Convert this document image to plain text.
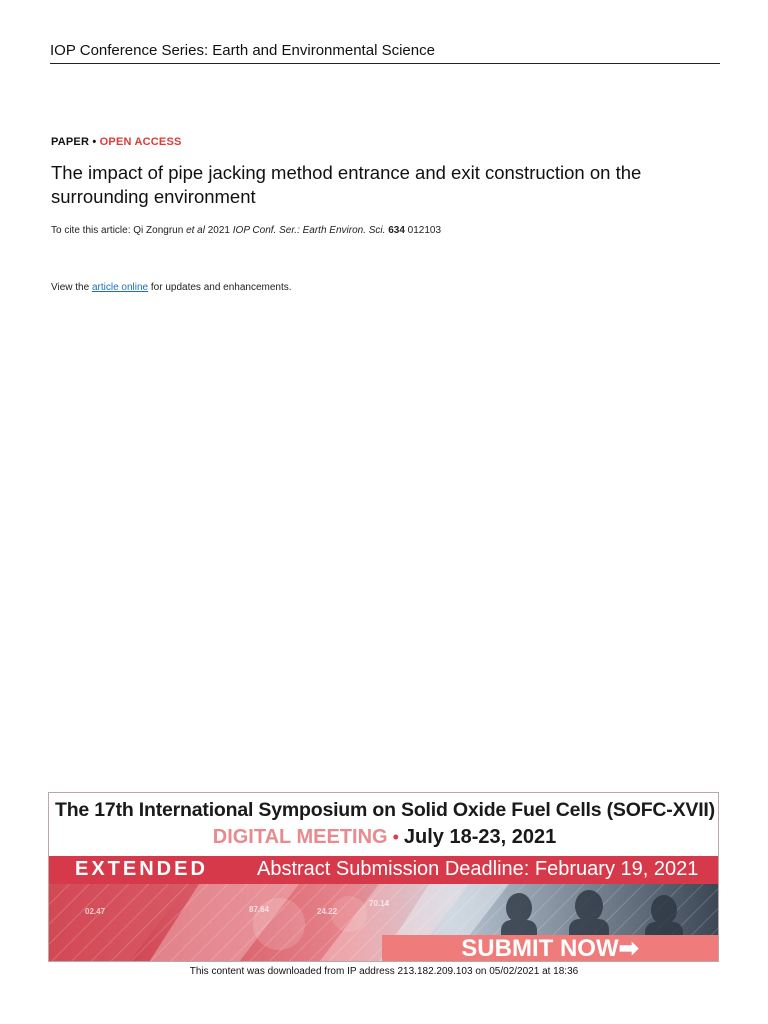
IOP Conference Series: Earth and Environmental Science
PAPER • OPEN ACCESS
The impact of pipe jacking method entrance and exit construction on the surrounding environment
To cite this article: Qi Zongrun et al 2021 IOP Conf. Ser.: Earth Environ. Sci. 634 012103
View the article online for updates and enhancements.
The 17th International Symposium on Solid Oxide Fuel Cells (SOFC-XVII)
DIGITAL MEETING • July 18-23, 2021
EXTENDED Abstract Submission Deadline: February 19, 2021
87.64	24.22
70.14
02.47
SUBMIT NOW➡
This content was downloaded from IP address 213.182.209.103 on 05/02/2021 at 18:36
